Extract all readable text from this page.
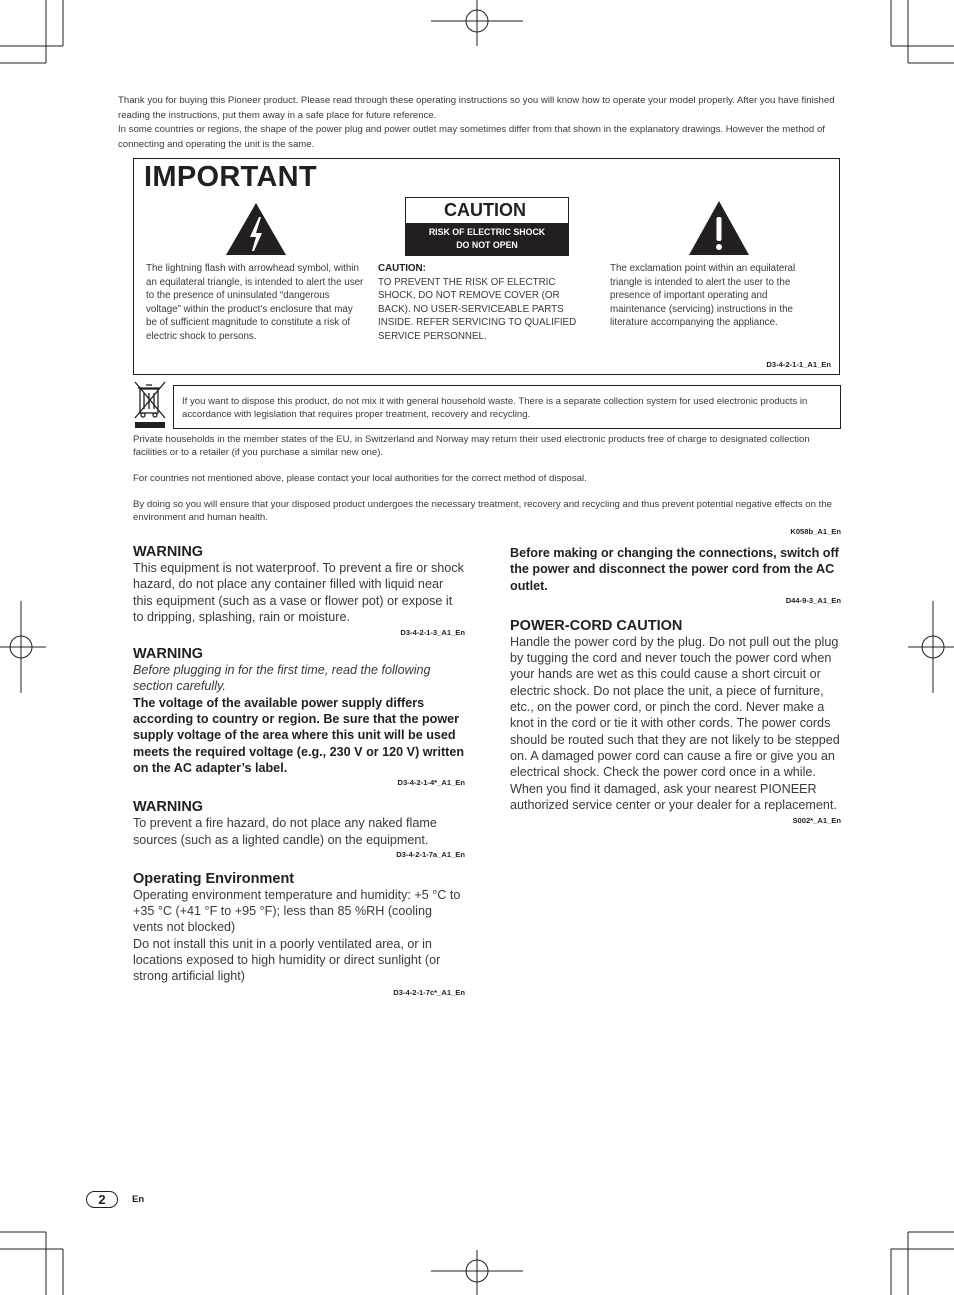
Thank you for buying this Pioneer product. Please read through these operating instructions so you will know how to operate your model properly. After you have finished reading the instructions, put them away in a safe place for future reference.

In some countries or regions, the shape of the power plug and power outlet may sometimes differ from that shown in the explanatory drawings. However the method of connecting and operating the unit is the same.

IMPORTANT
CAUTION
RISK OF ELECTRIC SHOCK
DO NOT OPEN
The lightning flash with arrowhead symbol, within an equilateral triangle, is intended to alert the user to the presence of uninsulated “dangerous voltage” within the product’s enclosure that may be of sufficient magnitude to constitute a risk of electric shock to persons.
CAUTION:
TO PREVENT THE RISK OF ELECTRIC SHOCK, DO NOT REMOVE COVER (OR BACK). NO USER-SERVICEABLE PARTS INSIDE. REFER SERVICING TO QUALIFIED SERVICE PERSONNEL.
The exclamation point within an equilateral triangle is intended to alert the user to the presence of important operating and maintenance (servicing) instructions in the literature accompanying the appliance.
D3-4-2-1-1_A1_En
If you want to dispose this product, do not mix it with general household waste. There is a separate collection system for used electronic products in accordance with legislation that requires proper treatment, recovery and recycling.

Private households in the member states of the EU, in Switzerland and Norway may return their used electronic products free of charge to designated collection facilities or to a retailer (if you purchase a similar new one).

For countries not mentioned above, please contact your local authorities for the correct method of disposal.

By doing so you will ensure that your disposed product undergoes the necessary treatment, recovery and recycling and thus prevent potential negative effects on the environment and human health.

K058b_A1_En
WARNING

This equipment is not waterproof. To prevent a fire or shock hazard, do not place any container filled with liquid near this equipment (such as a vase or flower pot) or expose it to dripping, splashing, rain or moisture.

D3-4-2-1-3_A1_En
WARNING

Before plugging in for the first time, read the following section carefully.

The voltage of the available power supply differs according to country or region. Be sure that the power supply voltage of the area where this unit will be used meets the required voltage (e.g., 230 V or 120 V) written on the AC adapter’s label.

D3-4-2-1-4*_A1_En
WARNING

To prevent a fire hazard, do not place any naked flame sources (such as a lighted candle) on the equipment.

D3-4-2-1-7a_A1_En
Operating Environment

Operating environment temperature and humidity: +5 °C to +35 °C (+41 °F to +95 °F); less than 85 %RH (cooling vents not blocked)

Do not install this unit in a poorly ventilated area, or in locations exposed to high humidity or direct sunlight (or strong artificial light)

D3-4-2-1-7c*_A1_En

Before making or changing the connections, switch off the power and disconnect the power cord from the AC outlet.

D44-9-3_A1_En
POWER-CORD CAUTION

Handle the power cord by the plug. Do not pull out the plug by tugging the cord and never touch the power cord when your hands are wet as this could cause a short circuit or electric shock. Do not place the unit, a piece of furniture, etc., on the power cord, or pinch the cord. Never make a knot in the cord or tie it with other cords. The power cords should be routed such that they are not likely to be stepped on. A damaged power cord can cause a fire or give you an electrical shock. Check the power cord once in a while. When you find it damaged, ask your nearest PIONEER authorized service center or your dealer for a replacement.

S002*_A1_En
2	En
